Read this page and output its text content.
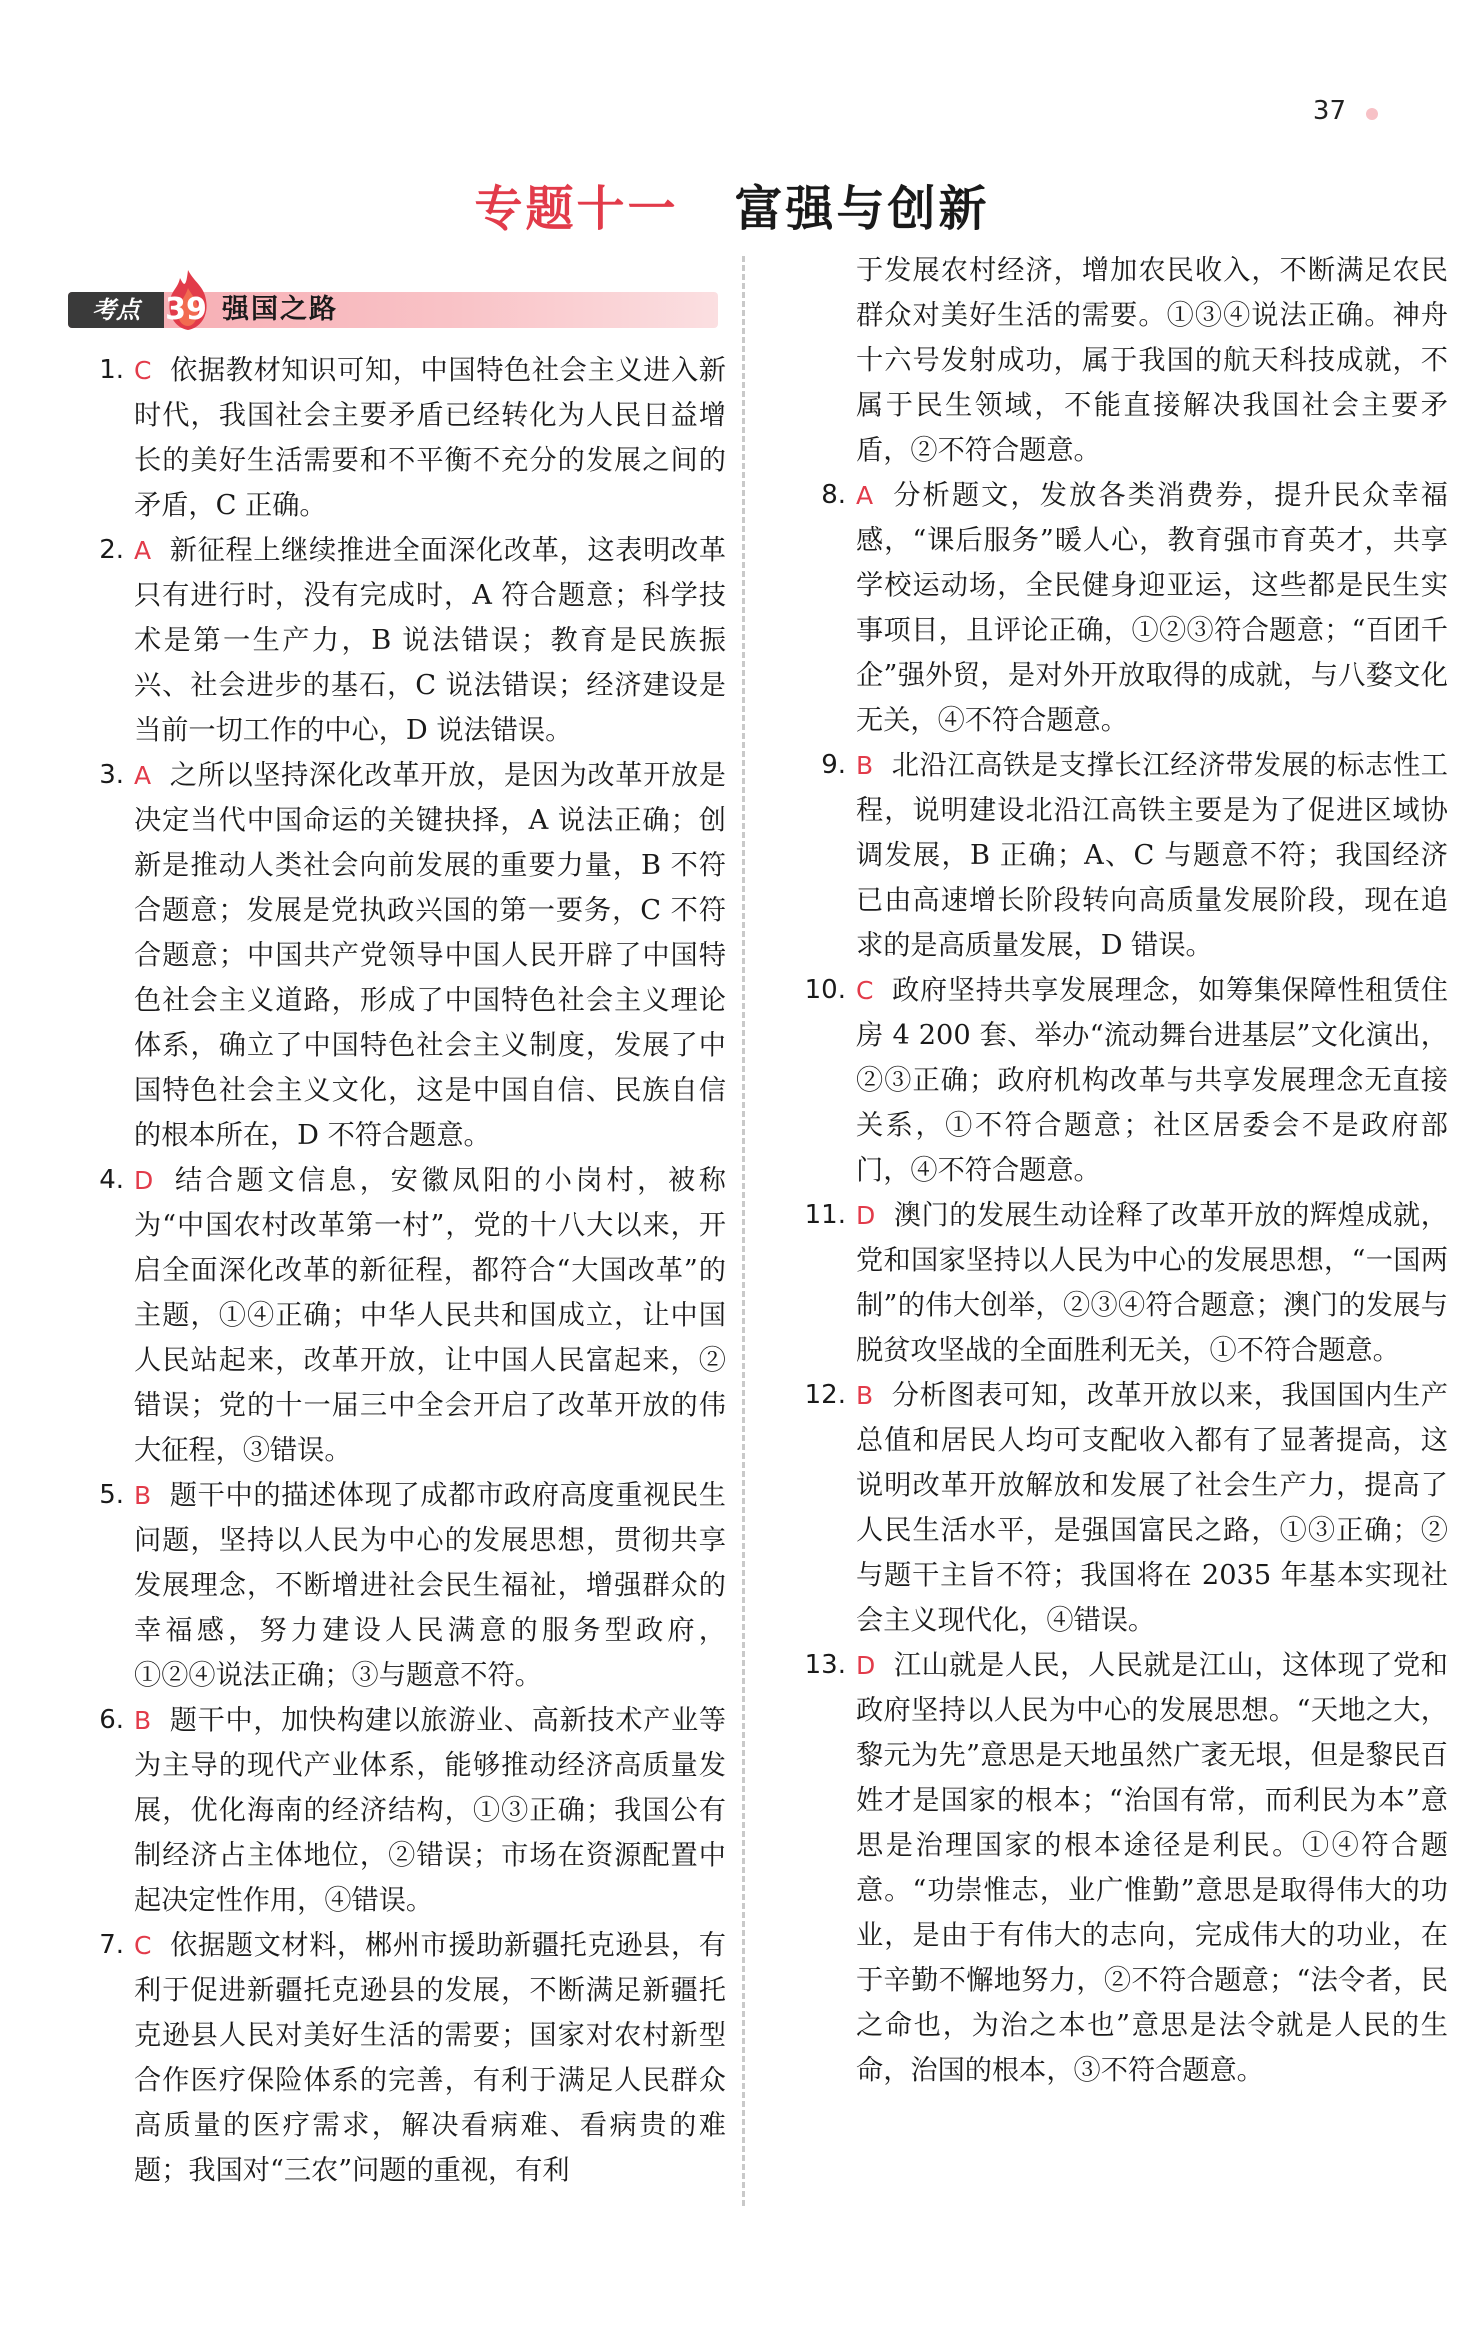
37
专题十一 富强与创新
考点 39 强国之路

1. C 依据教材知识可知，中国特色社会主义进入新时代，我国社会主要矛盾已经转化为人民日益增长的美好生活需要和不平衡不充分的发展之间的矛盾，C 正确。

2. A 新征程上继续推进全面深化改革，这表明改革只有进行时，没有完成时，A 符合题意；科学技术是第一生产力，B 说法错误；教育是民族振兴、社会进步的基石，C 说法错误；经济建设是当前一切工作的中心，D 说法错误。

3. A 之所以坚持深化改革开放，是因为改革开放是决定当代中国命运的关键抉择，A 说法正确；创新是推动人类社会向前发展的重要力量，B 不符合题意；发展是党执政兴国的第一要务，C 不符合题意；中国共产党领导中国人民开辟了中国特色社会主义道路，形成了中国特色社会主义理论体系，确立了中国特色社会主义制度，发展了中国特色社会主义文化，这是中国自信、民族自信的根本所在，D 不符合题意。

4. D 结合题文信息，安徽凤阳的小岗村，被称为“中国农村改革第一村”，党的十八大以来，开启全面深化改革的新征程，都符合“大国改革”的主题，①④正确；中华人民共和国成立，让中国人民站起来，改革开放，让中国人民富起来，②错误；党的十一届三中全会开启了改革开放的伟大征程，③错误。

5. B 题干中的描述体现了成都市政府高度重视民生问题，坚持以人民为中心的发展思想，贯彻共享发展理念，不断增进社会民生福祉，增强群众的幸福感，努力建设人民满意的服务型政府，①②④说法正确；③与题意不符。

6. B 题干中，加快构建以旅游业、高新技术产业等为主导的现代产业体系，能够推动经济高质量发展，优化海南的经济结构，①③正确；我国公有制经济占主体地位，②错误；市场在资源配置中起决定性作用，④错误。

7. C 依据题文材料，郴州市援助新疆托克逊县，有利于促进新疆托克逊县的发展，不断满足新疆托克逊县人民对美好生活的需要；国家对农村新型合作医疗保险体系的完善，有利于满足人民群众高质量的医疗需求，解决看病难、看病贵的难题；我国对“三农”问题的重视，有利

于发展农村经济，增加农民收入，不断满足农民群众对美好生活的需要。①③④说法正确。神舟十六号发射成功，属于我国的航天科技成就，不属于民生领域，不能直接解决我国社会主要矛盾，②不符合题意。

8. A 分析题文，发放各类消费券，提升民众幸福感，“课后服务”暖人心，教育强市育英才，共享学校运动场，全民健身迎亚运，这些都是民生实事项目，且评论正确，①②③符合题意；“百团千企”强外贸，是对外开放取得的成就，与八婺文化无关，④不符合题意。

9. B 北沿江高铁是支撑长江经济带发展的标志性工程，说明建设北沿江高铁主要是为了促进区域协调发展，B 正确；A、C 与题意不符；我国经济已由高速增长阶段转向高质量发展阶段，现在追求的是高质量发展，D 错误。

10. C 政府坚持共享发展理念，如筹集保障性租赁住房 4 200 套、举办“流动舞台进基层”文化演出，②③正确；政府机构改革与共享发展理念无直接关系，①不符合题意；社区居委会不是政府部门，④不符合题意。

11. D 澳门的发展生动诠释了改革开放的辉煌成就，党和国家坚持以人民为中心的发展思想，“一国两制”的伟大创举，②③④符合题意；澳门的发展与脱贫攻坚战的全面胜利无关，①不符合题意。

12. B 分析图表可知，改革开放以来，我国国内生产总值和居民人均可支配收入都有了显著提高，这说明改革开放解放和发展了社会生产力，提高了人民生活水平，是强国富民之路，①③正确；②与题干主旨不符；我国将在 2035 年基本实现社会主义现代化，④错误。

13. D 江山就是人民，人民就是江山，这体现了党和政府坚持以人民为中心的发展思想。“天地之大，黎元为先”意思是天地虽然广袤无垠，但是黎民百姓才是国家的根本；“治国有常，而利民为本”意思是治理国家的根本途径是利民。①④符合题意。“功崇惟志，业广惟勤”意思是取得伟大的功业，是由于有伟大的志向，完成伟大的功业，在于辛勤不懈地努力，②不符合题意；“法令者，民之命也，为治之本也”意思是法令就是人民的生命，治国的根本，③不符合题意。
